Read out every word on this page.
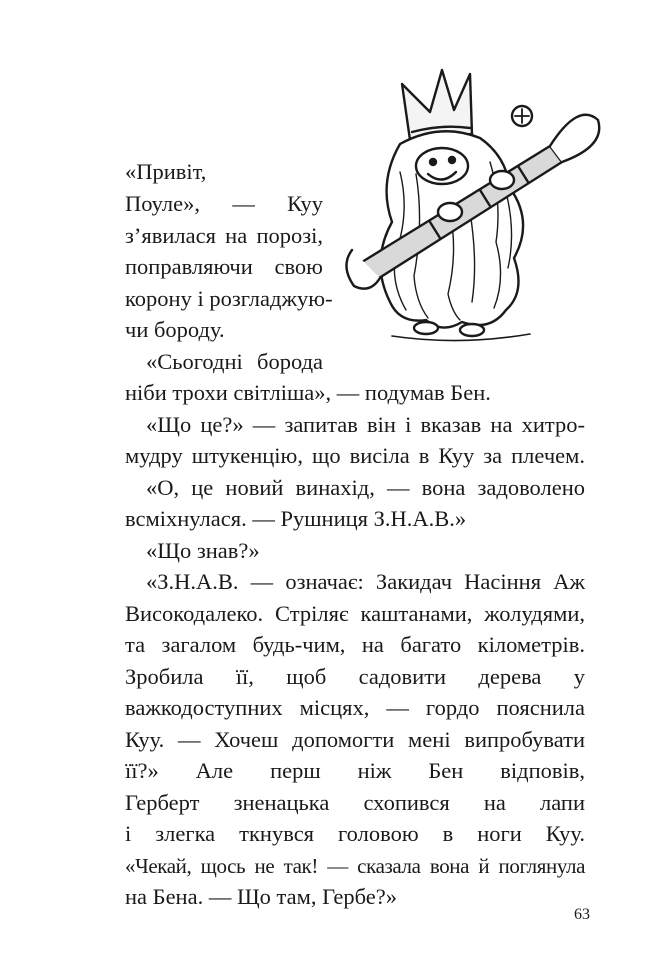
«Привіт,
Поуле», — Куу
з’явилася на порозі,
поправляючи свою
корону і розгладжую-
чи бороду.
«Сьогодні борода
ніби трохи світліша», — подумав Бен.
«Що це?» — запитав він і вказав на хитро-
мудру штукенцію, що висіла в Куу за плечем.
«О, це новий винахід, — вона задоволено
всміхнулася. — Рушниця З.Н.А.В.»
«Що знав?»
«З.Н.А.В. — означає: Закидач Насіння Аж
Високодалеко. Стріляє каштанами, жолудями,
та загалом будь-чим, на багато кілометрів.
Зробила її, щоб садовити дерева у
важкодоступних місцях, — гордо пояснила
Куу. — Хочеш допомогти мені випробувати
її?» Але перш ніж Бен відповів,
Герберт зненацька схопився на лапи
і злегка ткнувся головою в ноги Куу.
«Чекай, щось не так! — сказала вона й поглянула
на Бена. — Що там, Гербе?»
63
